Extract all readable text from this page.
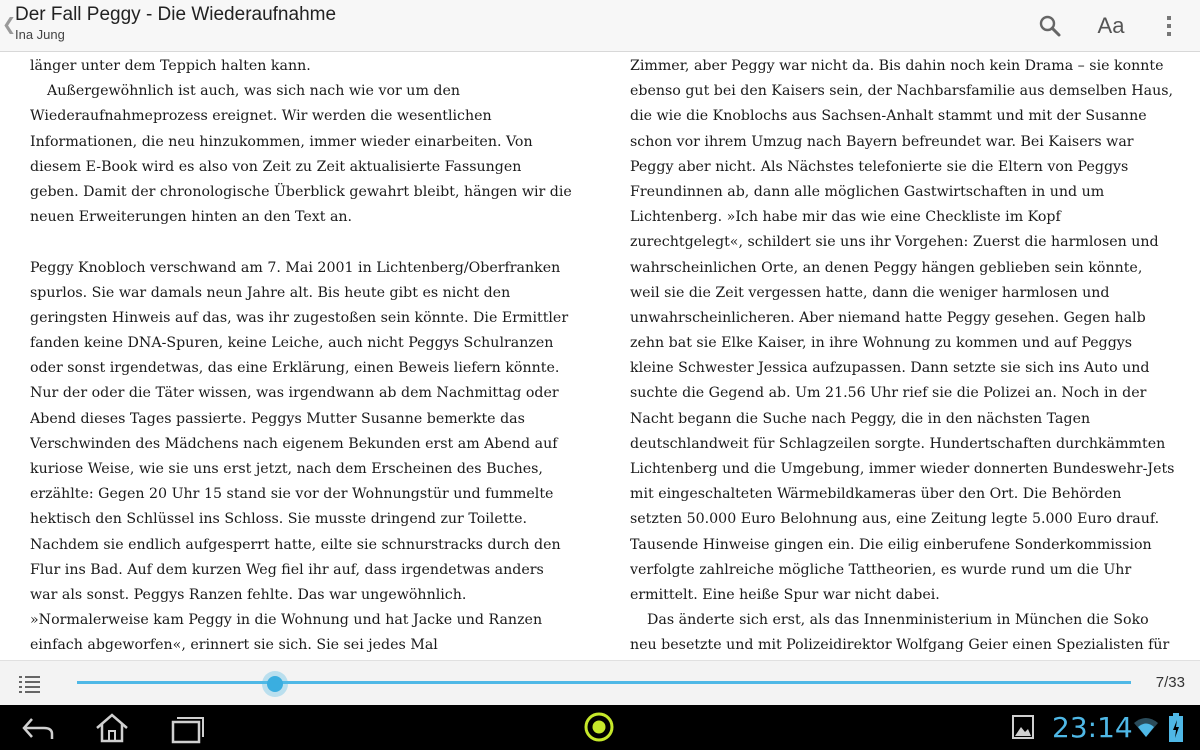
❮
Der Fall Peggy - Die Wiederaufnahme
Ina Jung	Aa
länger unter dem Teppich halten kann.
Außergewöhnlich ist auch, was sich nach wie vor um den
Wiederaufnahmeprozess ereignet. Wir werden die wesentlichen
Informationen, die neu hinzukommen, immer wieder einarbeiten. Von
diesem E-Book wird es also von Zeit zu Zeit aktualisierte Fassungen
geben. Damit der chronologische Überblick gewahrt bleibt, hängen wir die
neuen Erweiterungen hinten an den Text an.
Peggy Knobloch verschwand am 7. Mai 2001 in Lichtenberg/Oberfranken
spurlos. Sie war damals neun Jahre alt. Bis heute gibt es nicht den
geringsten Hinweis auf das, was ihr zugestoßen sein könnte. Die Ermittler
fanden keine DNA-Spuren, keine Leiche, auch nicht Peggys Schulranzen
oder sonst irgendetwas, das eine Erklärung, einen Beweis liefern könnte.
Nur der oder die Täter wissen, was irgendwann ab dem Nachmittag oder
Abend dieses Tages passierte. Peggys Mutter Susanne bemerkte das
Verschwinden des Mädchens nach eigenem Bekunden erst am Abend auf
kuriose Weise, wie sie uns erst jetzt, nach dem Erscheinen des Buches,
erzählte: Gegen 20 Uhr 15 stand sie vor der Wohnungstür und fummelte
hektisch den Schlüssel ins Schloss. Sie musste dringend zur Toilette.
Nachdem sie endlich aufgesperrt hatte, eilte sie schnurstracks durch den
Flur ins Bad. Auf dem kurzen Weg fiel ihr auf, dass irgendetwas anders
war als sonst. Peggys Ranzen fehlte. Das war ungewöhnlich.
»Normalerweise kam Peggy in die Wohnung und hat Jacke und Ranzen
einfach abgeworfen«, erinnert sie sich. Sie sei jedes Mal
Zimmer, aber Peggy war nicht da. Bis dahin noch kein Drama – sie konnte
ebenso gut bei den Kaisers sein, der Nachbarsfamilie aus demselben Haus,
die wie die Knoblochs aus Sachsen-Anhalt stammt und mit der Susanne
schon vor ihrem Umzug nach Bayern befreundet war. Bei Kaisers war
Peggy aber nicht. Als Nächstes telefonierte sie die Eltern von Peggys
Freundinnen ab, dann alle möglichen Gastwirtschaften in und um
Lichtenberg. »Ich habe mir das wie eine Checkliste im Kopf
zurechtgelegt«, schildert sie uns ihr Vorgehen: Zuerst die harmlosen und
wahrscheinlichen Orte, an denen Peggy hängen geblieben sein könnte,
weil sie die Zeit vergessen hatte, dann die weniger harmlosen und
unwahrscheinlicheren. Aber niemand hatte Peggy gesehen. Gegen halb
zehn bat sie Elke Kaiser, in ihre Wohnung zu kommen und auf Peggys
kleine Schwester Jessica aufzupassen. Dann setzte sie sich ins Auto und
suchte die Gegend ab. Um 21.56 Uhr rief sie die Polizei an. Noch in der
Nacht begann die Suche nach Peggy, die in den nächsten Tagen
deutschlandweit für Schlagzeilen sorgte. Hundertschaften durchkämmten
Lichtenberg und die Umgebung, immer wieder donnerten Bundeswehr-Jets
mit eingeschalteten Wärmebildkameras über den Ort. Die Behörden
setzten 50.000 Euro Belohnung aus, eine Zeitung legte 5.000 Euro drauf.
Tausende Hinweise gingen ein. Die eilig einberufene Sonderkommission
verfolgte zahlreiche mögliche Tattheorien, es wurde rund um die Uhr
ermittelt. Eine heiße Spur war nicht dabei.
Das änderte sich erst, als das Innenministerium in München die Soko
neu besetzte und mit Polizeidirektor Wolfgang Geier einen Spezialisten für
7/33
23:14
